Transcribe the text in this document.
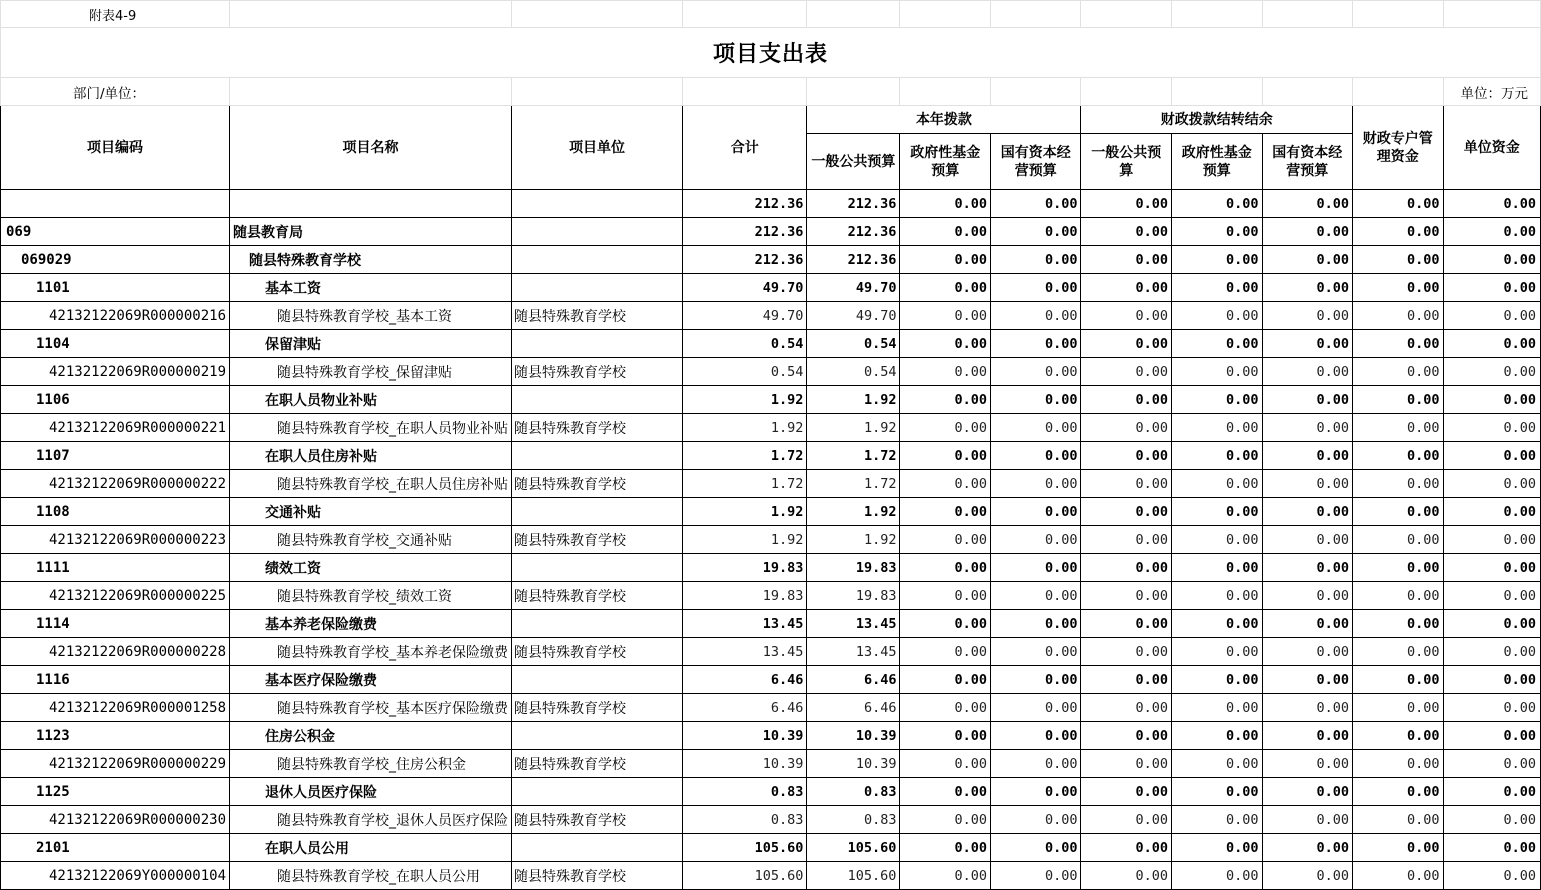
附表4-9											
项目支出表											
部门/单位：											单位：万元
项目编码	项目名称	项目单位	合计	本年拨款			财政拨款结转结余			财政专户管理资金	单位资金
				一般公共预算	政府性基金预算	国有资本经营预算	一般公共预算	政府性基金预算	国有资本经营预算		
			212.36	212.36	0.00	0.00	0.00	0.00	0.00	0.00	0.00
069	随县教育局		212.36	212.36	0.00	0.00	0.00	0.00	0.00	0.00	0.00
069029	随县特殊教育学校		212.36	212.36	0.00	0.00	0.00	0.00	0.00	0.00	0.00
1101	基本工资		49.70	49.70	0.00	0.00	0.00	0.00	0.00	0.00	0.00
42132122069R000000216	随县特殊教育学校_基本工资	随县特殊教育学校	49.70	49.70	0.00	0.00	0.00	0.00	0.00	0.00	0.00
1104	保留津贴		0.54	0.54	0.00	0.00	0.00	0.00	0.00	0.00	0.00
42132122069R000000219	随县特殊教育学校_保留津贴	随县特殊教育学校	0.54	0.54	0.00	0.00	0.00	0.00	0.00	0.00	0.00
1106	在职人员物业补贴		1.92	1.92	0.00	0.00	0.00	0.00	0.00	0.00	0.00
42132122069R000000221	随县特殊教育学校_在职人员物业补贴	随县特殊教育学校	1.92	1.92	0.00	0.00	0.00	0.00	0.00	0.00	0.00
1107	在职人员住房补贴		1.72	1.72	0.00	0.00	0.00	0.00	0.00	0.00	0.00
42132122069R000000222	随县特殊教育学校_在职人员住房补贴	随县特殊教育学校	1.72	1.72	0.00	0.00	0.00	0.00	0.00	0.00	0.00
1108	交通补贴		1.92	1.92	0.00	0.00	0.00	0.00	0.00	0.00	0.00
42132122069R000000223	随县特殊教育学校_交通补贴	随县特殊教育学校	1.92	1.92	0.00	0.00	0.00	0.00	0.00	0.00	0.00
1111	绩效工资		19.83	19.83	0.00	0.00	0.00	0.00	0.00	0.00	0.00
42132122069R000000225	随县特殊教育学校_绩效工资	随县特殊教育学校	19.83	19.83	0.00	0.00	0.00	0.00	0.00	0.00	0.00
1114	基本养老保险缴费		13.45	13.45	0.00	0.00	0.00	0.00	0.00	0.00	0.00
42132122069R000000228	随县特殊教育学校_基本养老保险缴费	随县特殊教育学校	13.45	13.45	0.00	0.00	0.00	0.00	0.00	0.00	0.00
1116	基本医疗保险缴费		6.46	6.46	0.00	0.00	0.00	0.00	0.00	0.00	0.00
42132122069R000001258	随县特殊教育学校_基本医疗保险缴费	随县特殊教育学校	6.46	6.46	0.00	0.00	0.00	0.00	0.00	0.00	0.00
1123	住房公积金		10.39	10.39	0.00	0.00	0.00	0.00	0.00	0.00	0.00
42132122069R000000229	随县特殊教育学校_住房公积金	随县特殊教育学校	10.39	10.39	0.00	0.00	0.00	0.00	0.00	0.00	0.00
1125	退休人员医疗保险		0.83	0.83	0.00	0.00	0.00	0.00	0.00	0.00	0.00
42132122069R000000230	随县特殊教育学校_退休人员医疗保险	随县特殊教育学校	0.83	0.83	0.00	0.00	0.00	0.00	0.00	0.00	0.00
2101	在职人员公用		105.60	105.60	0.00	0.00	0.00	0.00	0.00	0.00	0.00
42132122069Y000000104	随县特殊教育学校_在职人员公用	随县特殊教育学校	105.60	105.60	0.00	0.00	0.00	0.00	0.00	0.00	0.00
